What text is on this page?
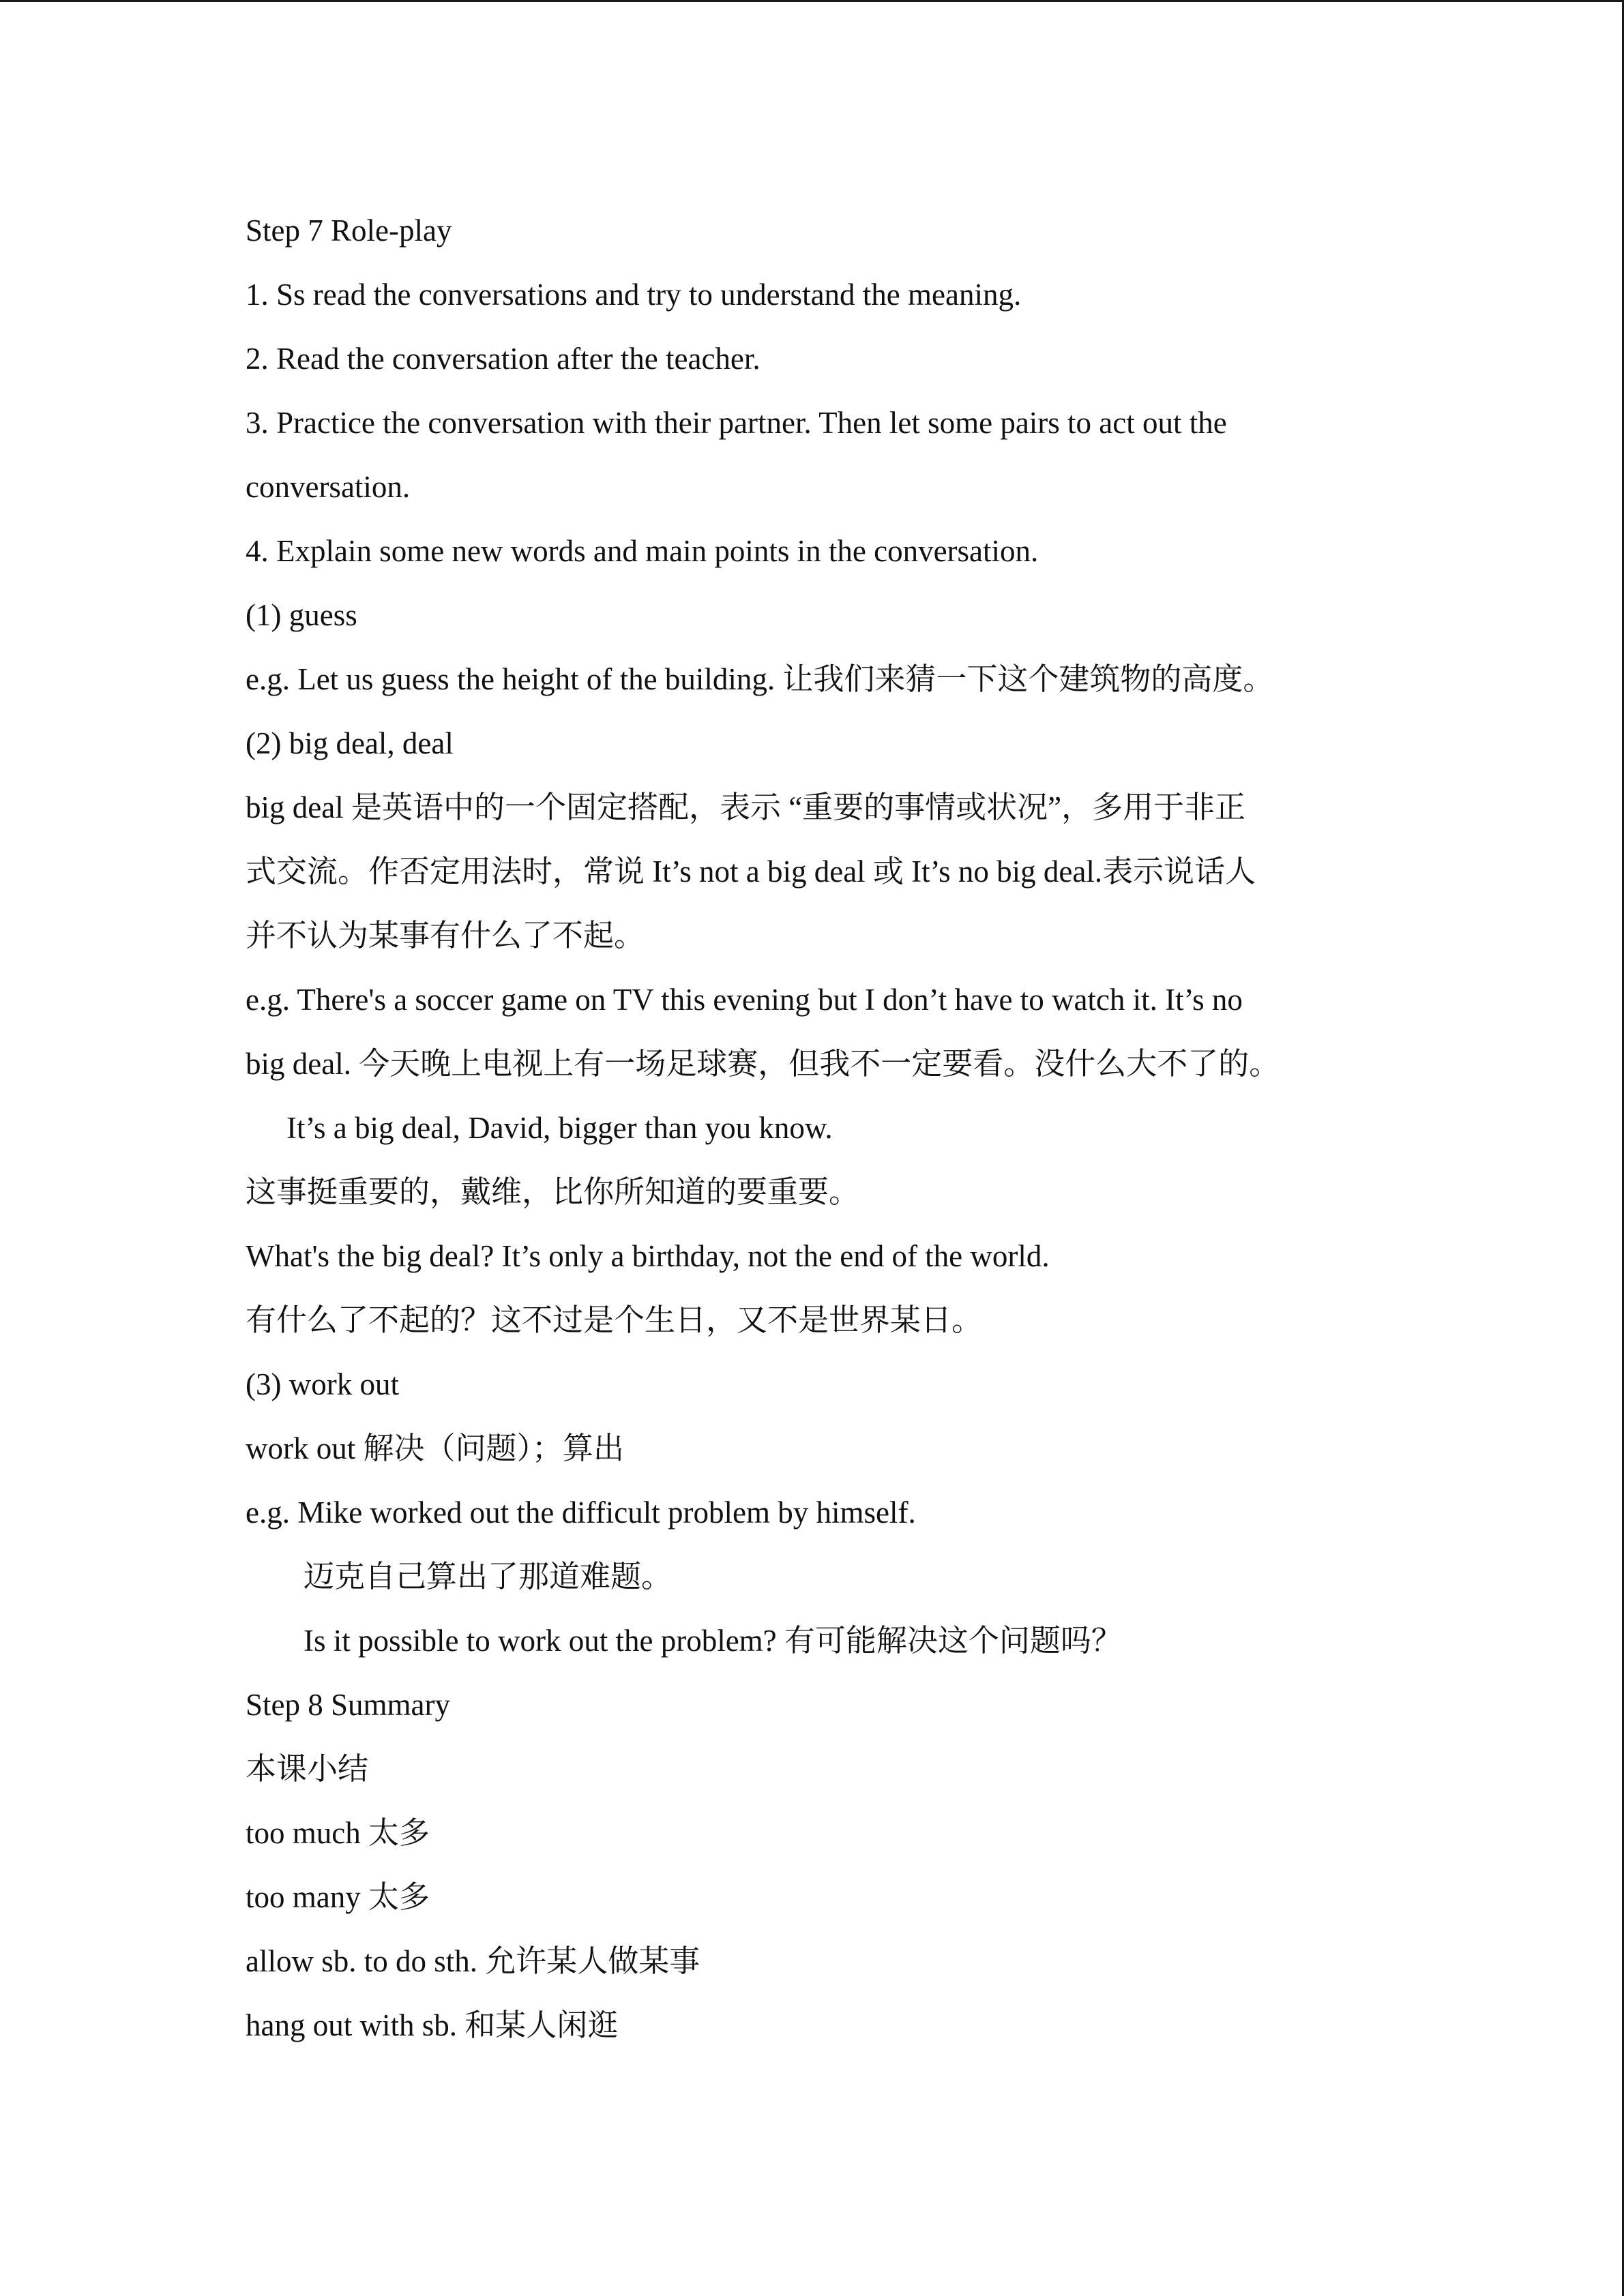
Step 7 Role-play
1. Ss read the conversations and try to understand the meaning.
2. Read the conversation after the teacher.
3. Practice the conversation with their partner. Then let some pairs to act out the
conversation.
4. Explain some new words and main points in the conversation.
(1) guess
e.g. Let us guess the height of the building. 让我们来猜一下这个建筑物的高度。
(2) big deal, deal
big deal 是英语中的一个固定搭配，表示 “重要的事情或状况”，多用于非正
式交流。作否定用法时，常说 It’s not a big deal 或 It’s no big deal.表示说话人
并不认为某事有什么了不起。
e.g. There's a soccer game on TV this evening but I don’t have to watch it. It’s no
big deal. 今天晚上电视上有一场足球赛，但我不一定要看。没什么大不了的。
It’s a big deal, David, bigger than you know.
这事挺重要的，戴维，比你所知道的要重要。
What's the big deal? It’s only a birthday, not the end of the world.
有什么了不起的？这不过是个生日，又不是世界某日。
(3) work out
work out 解决（问题）；算出
e.g. Mike worked out the difficult problem by himself.
迈克自己算出了那道难题。
Is it possible to work out the problem? 有可能解决这个问题吗？
Step 8 Summary
本课小结
too much 太多
too many 太多
allow sb. to do sth. 允许某人做某事
hang out with sb. 和某人闲逛
